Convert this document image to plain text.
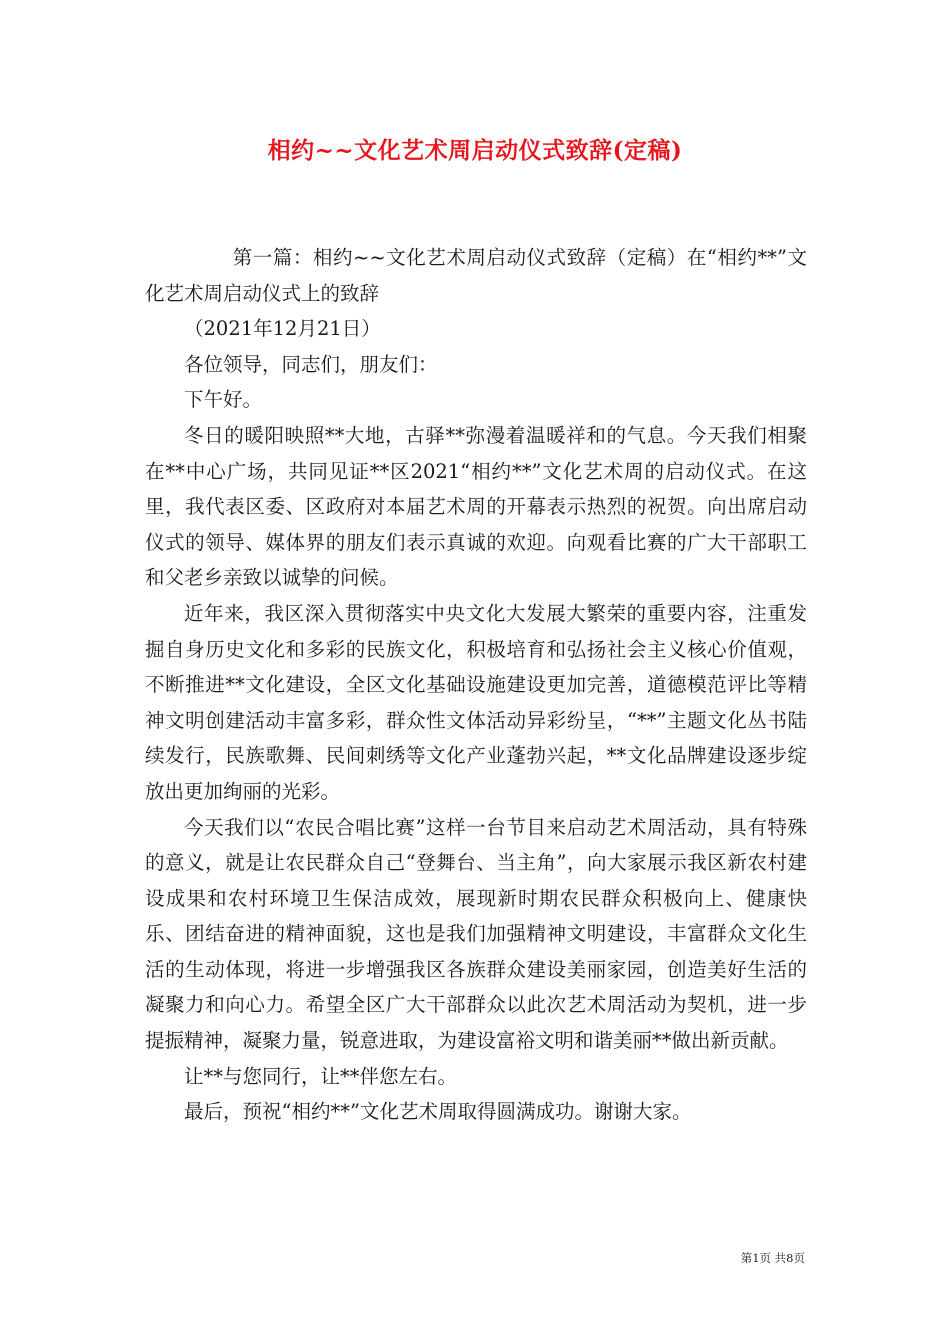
相约~~文化艺术周启动仪式致辞(定稿)

第一篇：相约~~文化艺术周启动仪式致辞（定稿）在“相约**”文化艺术周启动仪式上的致辞

（2021年12月21日）

各位领导，同志们，朋友们：

下午好。

冬日的暖阳映照**大地，古驿**弥漫着温暖祥和的气息。今天我们相聚在**中心广场，共同见证**区2021“相约**”文化艺术周的启动仪式。在这里，我代表区委、区政府对本届艺术周的开幕表示热烈的祝贺。向出席启动仪式的领导、媒体界的朋友们表示真诚的欢迎。向观看比赛的广大干部职工和父老乡亲致以诚挚的问候。

近年来，我区深入贯彻落实中央文化大发展大繁荣的重要内容，注重发掘自身历史文化和多彩的民族文化，积极培育和弘扬社会主义核心价值观，不断推进**文化建设，全区文化基础设施建设更加完善，道德模范评比等精神文明创建活动丰富多彩，群众性文体活动异彩纷呈，“**”主题文化丛书陆续发行，民族歌舞、民间刺绣等文化产业蓬勃兴起，**文化品牌建设逐步绽放出更加绚丽的光彩。

今天我们以“农民合唱比赛”这样一台节目来启动艺术周活动，具有特殊的意义，就是让农民群众自己“登舞台、当主角”，向大家展示我区新农村建设成果和农村环境卫生保洁成效，展现新时期农民群众积极向上、健康快乐、团结奋进的精神面貌，这也是我们加强精神文明建设，丰富群众文化生活的生动体现，将进一步增强我区各族群众建设美丽家园，创造美好生活的凝聚力和向心力。希望全区广大干部群众以此次艺术周活动为契机，进一步提振精神，凝聚力量，锐意进取，为建设富裕文明和谐美丽**做出新贡献。

让**与您同行，让**伴您左右。

最后，预祝“相约**”文化艺术周取得圆满成功。谢谢大家。

第1页 共8页
